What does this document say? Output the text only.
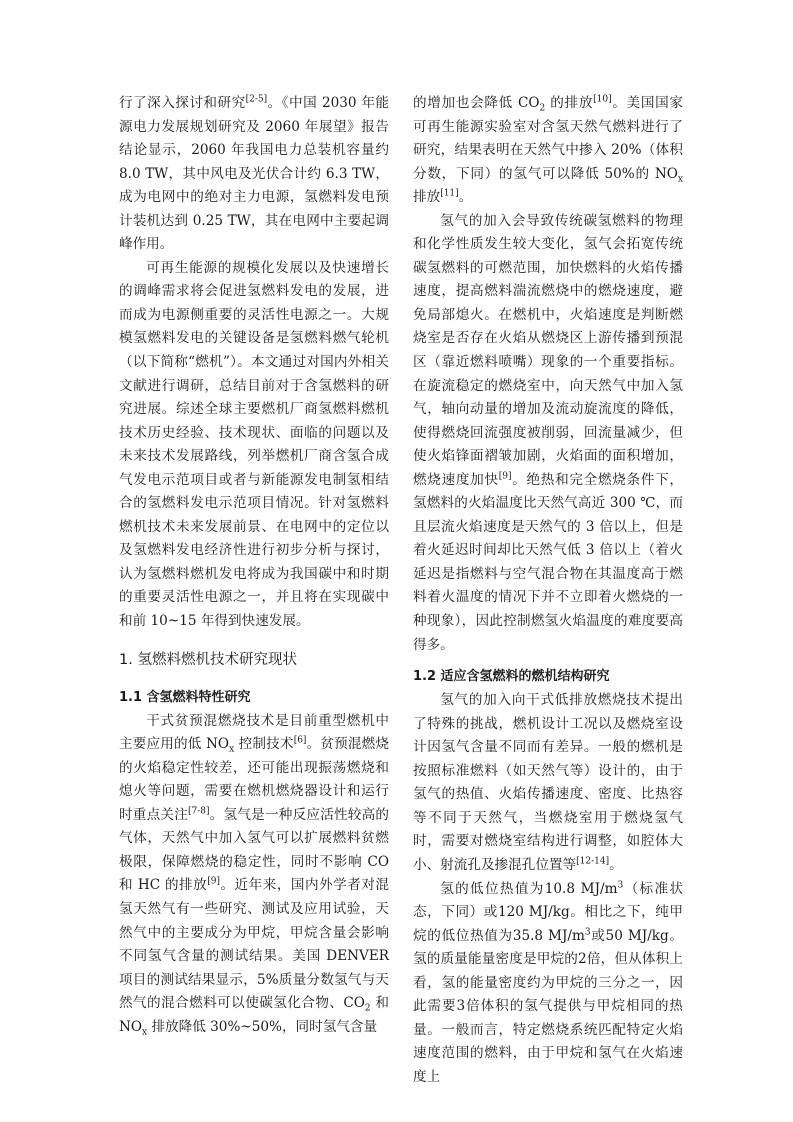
行了深入探讨和研究[2-5]。《中国 2030 年能源电力发展规划研究及 2060 年展望》报告结论显示，2060 年我国电力总装机容量约 8.0 TW，其中风电及光伏合计约 6.3 TW，成为电网中的绝对主力电源，氢燃料发电预计装机达到 0.25 TW，其在电网中主要起调峰作用。

可再生能源的规模化发展以及快速增长的调峰需求将会促进氢燃料发电的发展，进而成为电源侧重要的灵活性电源之一。大规模氢燃料发电的关键设备是氢燃料燃气轮机（以下简称“燃机”）。本文通过对国内外相关文献进行调研，总结目前对于含氢燃料的研究进展。综述全球主要燃机厂商氢燃料燃机技术历史经验、技术现状、面临的问题以及未来技术发展路线，列举燃机厂商含氢合成气发电示范项目或者与新能源发电制氢相结合的氢燃料发电示范项目情况。针对氢燃料燃机技术未来发展前景、在电网中的定位以及氢燃料发电经济性进行初步分析与探讨，认为氢燃料燃机发电将成为我国碳中和时期的重要灵活性电源之一，并且将在实现碳中和前 10~15 年得到快速发展。

1. 氢燃料燃机技术研究现状
1.1 含氢燃料特性研究

干式贫预混燃烧技术是目前重型燃机中主要应用的低 $NO_x$ 控制技术[6]。贫预混燃烧的火焰稳定性较差，还可能出现振荡燃烧和熄火等问题，需要在燃机燃烧器设计和运行时重点关注[7-8]。氢气是一种反应活性较高的气体，天然气中加入氢气可以扩展燃料贫燃极限，保障燃烧的稳定性，同时不影响 CO 和 HC 的排放[9]。近年来，国内外学者对混氢天然气有一些研究、测试及应用试验，天然气中的主要成分为甲烷，甲烷含量会影响不同氢气含量的测试结果。美国 DENVER 项目的测试结果显示，5%质量分数氢气与天然气的混合燃料可以使碳氢化合物、$CO_2$ 和 $NO_x$ 排放降低 30%~50%，同时氢气含量

的增加也会降低 $CO_2$ 的排放[10]。美国国家可再生能源实验室对含氢天然气燃料进行了研究，结果表明在天然气中掺入 20%（体积分数，下同）的氢气可以降低 50%的 $NO_x$ 排放[11]。

氢气的加入会导致传统碳氢燃料的物理和化学性质发生较大变化，氢气会拓宽传统碳氢燃料的可燃范围，加快燃料的火焰传播速度，提高燃料湍流燃烧中的燃烧速度，避免局部熄火。在燃机中，火焰速度是判断燃烧室是否存在火焰从燃烧区上游传播到预混区（靠近燃料喷嘴）现象的一个重要指标。在旋流稳定的燃烧室中，向天然气中加入氢气，轴向动量的增加及流动旋流度的降低，使得燃烧回流强度被削弱，回流量减少，但使火焰锋面褶皱加剧，火焰面的面积增加，燃烧速度加快[9]。绝热和完全燃烧条件下，氢燃料的火焰温度比天然气高近 300 ℃，而且层流火焰速度是天然气的 3 倍以上，但是着火延迟时间却比天然气低 3 倍以上（着火延迟是指燃料与空气混合物在其温度高于燃料着火温度的情况下并不立即着火燃烧的一种现象），因此控制燃氢火焰温度的难度要高得多。

1.2 适应含氢燃料的燃机结构研究

氢气的加入向干式低排放燃烧技术提出了特殊的挑战，燃机设计工况以及燃烧室设计因氢气含量不同而有差异。一般的燃机是按照标准燃料（如天然气等）设计的，由于氢气的热值、火焰传播速度、密度、比热容等不同于天然气，当燃烧室用于燃烧氢气时，需要对燃烧室结构进行调整，如腔体大小、射流孔及掺混孔位置等[12-14]。

氢的低位热值为10.8 $MJ/m^3$（标准状态，下同）或120 MJ/kg。相比之下，纯甲烷的低位热值为35.8 $MJ/m^3$或50 MJ/kg。氢的质量能量密度是甲烷的2倍，但从体积上看，氢的能量密度约为甲烷的三分之一，因此需要3倍体积的氢气提供与甲烷相同的热量。一般而言，特定燃烧系统匹配特定火焰速度范围的燃料，由于甲烷和氢气在火焰速度上
